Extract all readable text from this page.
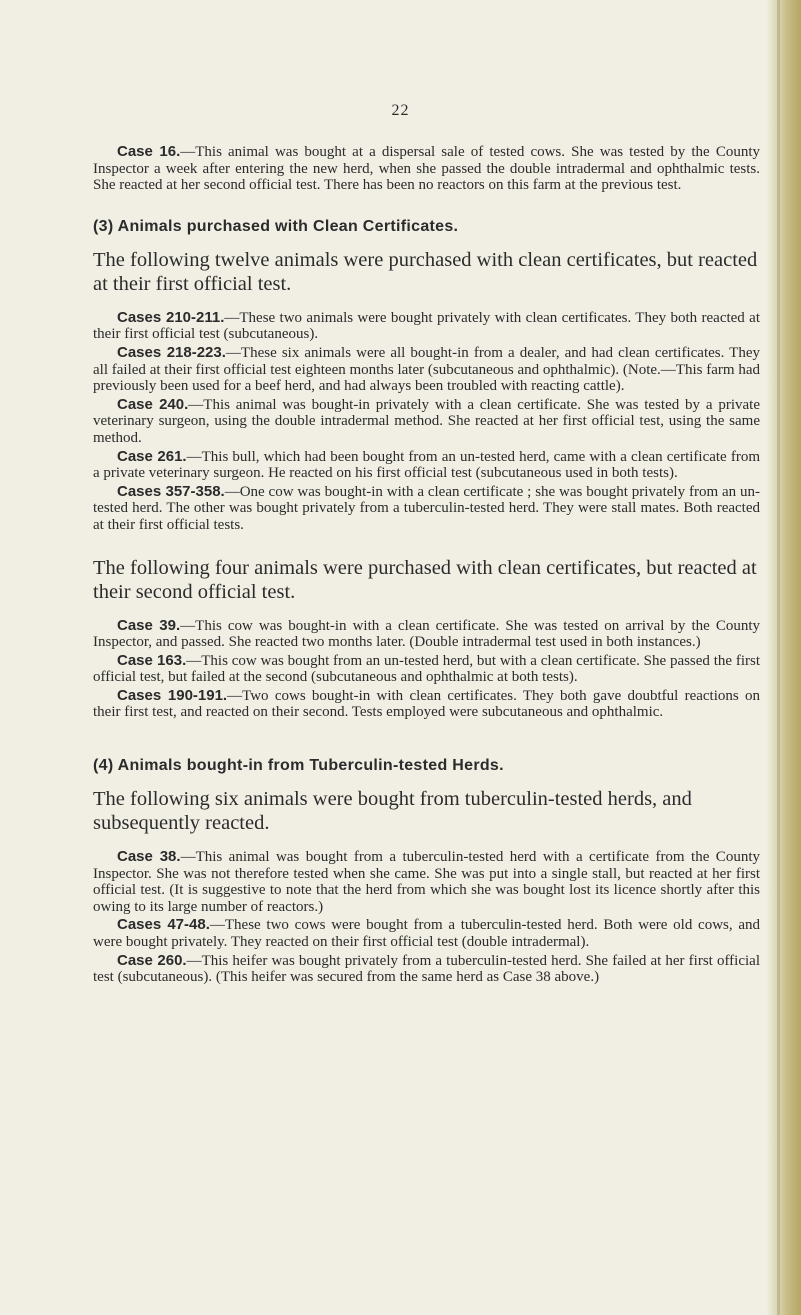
22

Case 16.—This animal was bought at a dispersal sale of tested cows. She was tested by the County Inspector a week after entering the new herd, when she passed the double intradermal and ophthalmic tests. She reacted at her second official test. There has been no reactors on this farm at the previous test.

(3) Animals purchased with Clean Certificates.
The following twelve animals were purchased with clean certificates, but reacted at their first official test.

Cases 210-211.—These two animals were bought privately with clean certificates. They both reacted at their first official test (subcutaneous).

Cases 218-223.—These six animals were all bought-in from a dealer, and had clean certificates. They all failed at their first official test eighteen months later (subcutaneous and ophthalmic). (Note.—This farm had previously been used for a beef herd, and had always been troubled with reacting cattle).

Case 240.—This animal was bought-in privately with a clean certificate. She was tested by a private veterinary surgeon, using the double intradermal method. She reacted at her first official test, using the same method.

Case 261.—This bull, which had been bought from an un-tested herd, came with a clean certificate from a private veterinary surgeon. He reacted on his first official test (subcutaneous used in both tests).

Cases 357-358.—One cow was bought-in with a clean certificate ; she was bought privately from an un-tested herd. The other was bought privately from a tuberculin-tested herd. They were stall mates. Both reacted at their first official tests.

The following four animals were purchased with clean certificates, but reacted at their second official test.

Case 39.—This cow was bought-in with a clean certificate. She was tested on arrival by the County Inspector, and passed. She reacted two months later. (Double intradermal test used in both instances.)

Case 163.—This cow was bought from an un-tested herd, but with a clean certificate. She passed the first official test, but failed at the second (subcutaneous and ophthalmic at both tests).

Cases 190-191.—Two cows bought-in with clean certificates. They both gave doubtful reactions on their first test, and reacted on their second. Tests employed were subcutaneous and ophthalmic.

(4) Animals bought-in from Tuberculin-tested Herds.
The following six animals were bought from tuberculin-tested herds, and subsequently reacted.

Case 38.—This animal was bought from a tuberculin-tested herd with a certificate from the County Inspector. She was not therefore tested when she came. She was put into a single stall, but reacted at her first official test. (It is suggestive to note that the herd from which she was bought lost its licence shortly after this owing to its large number of reactors.)

Cases 47-48.—These two cows were bought from a tuberculin-tested herd. Both were old cows, and were bought privately. They reacted on their first official test (double intradermal).

Case 260.—This heifer was bought privately from a tuberculin-tested herd. She failed at her first official test (subcutaneous). (This heifer was secured from the same herd as Case 38 above.)
